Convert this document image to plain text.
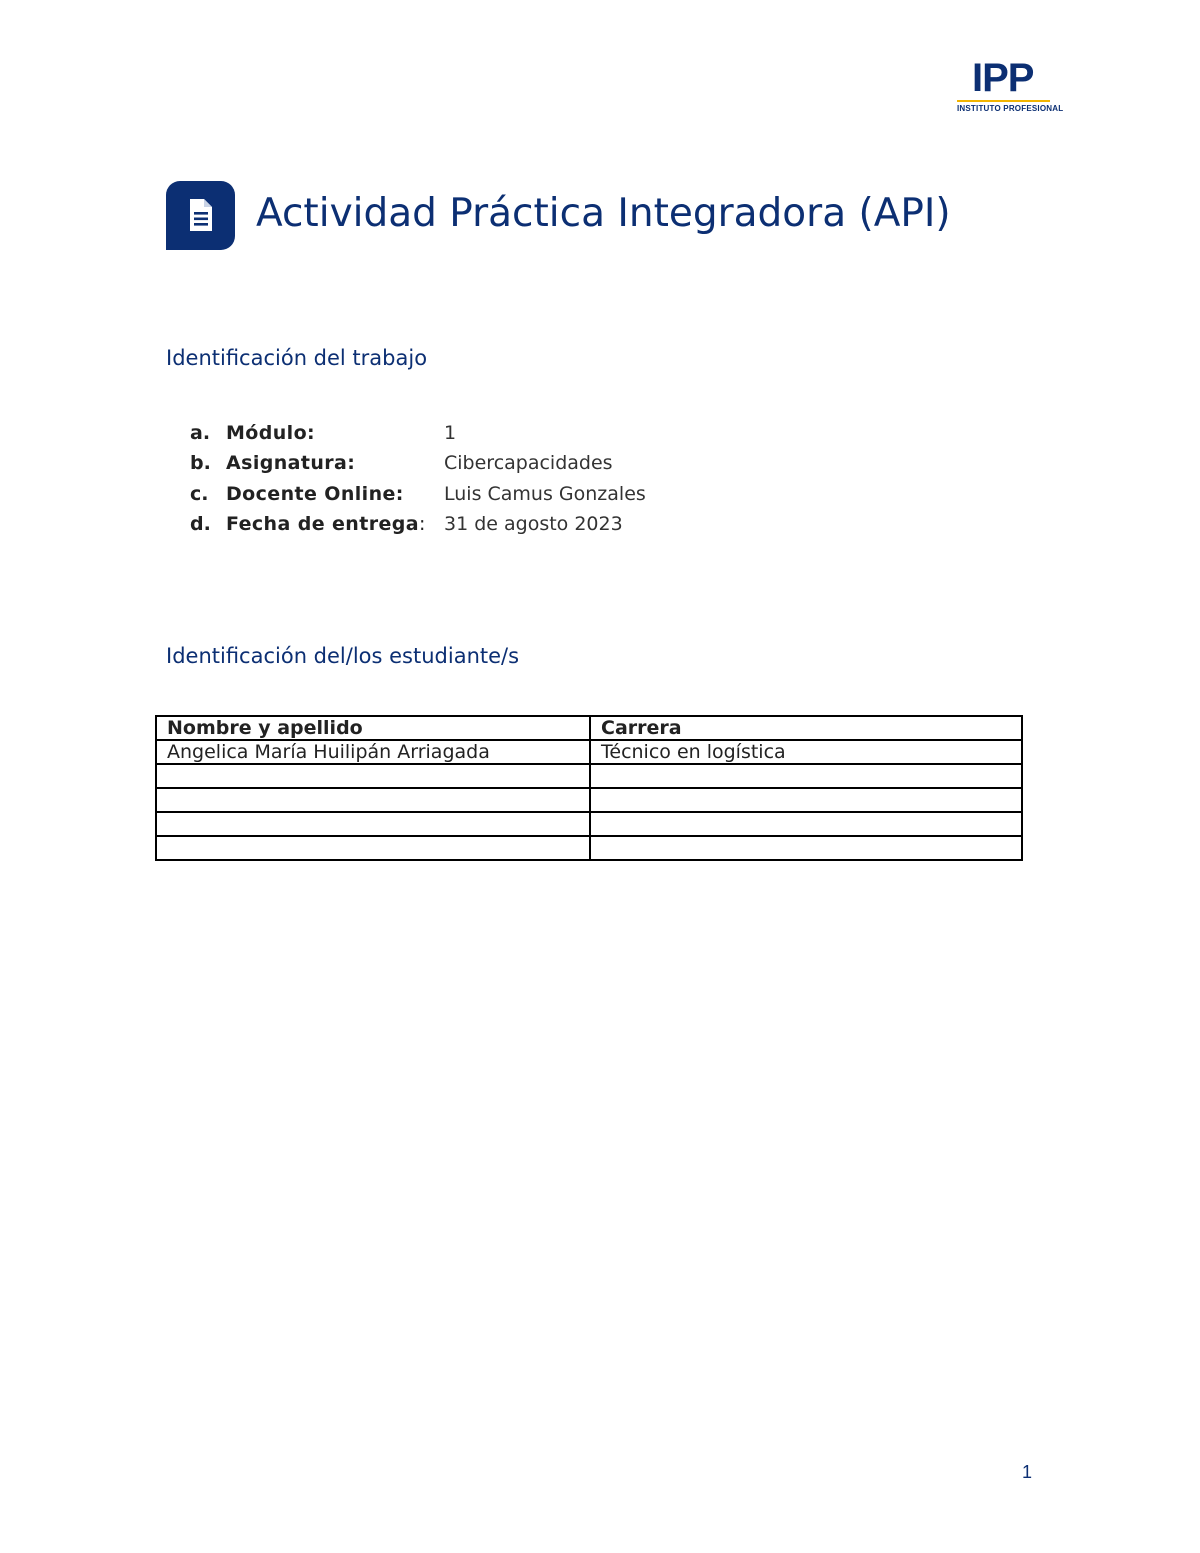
IPP
INSTITUTO PROFESIONAL
Actividad Práctica Integradora (API)
Identificación del trabajo
a. Módulo:	1
b. Asignatura:	Cibercapacidades
c. Docente Online: Luis Camus Gonzales
d. Fecha de entrega: 31 de agosto 2023
Identificación del/los estudiante/s
Nombre y apellido	Carrera
Angelica María Huilipán Arriagada	Técnico en logística

1
